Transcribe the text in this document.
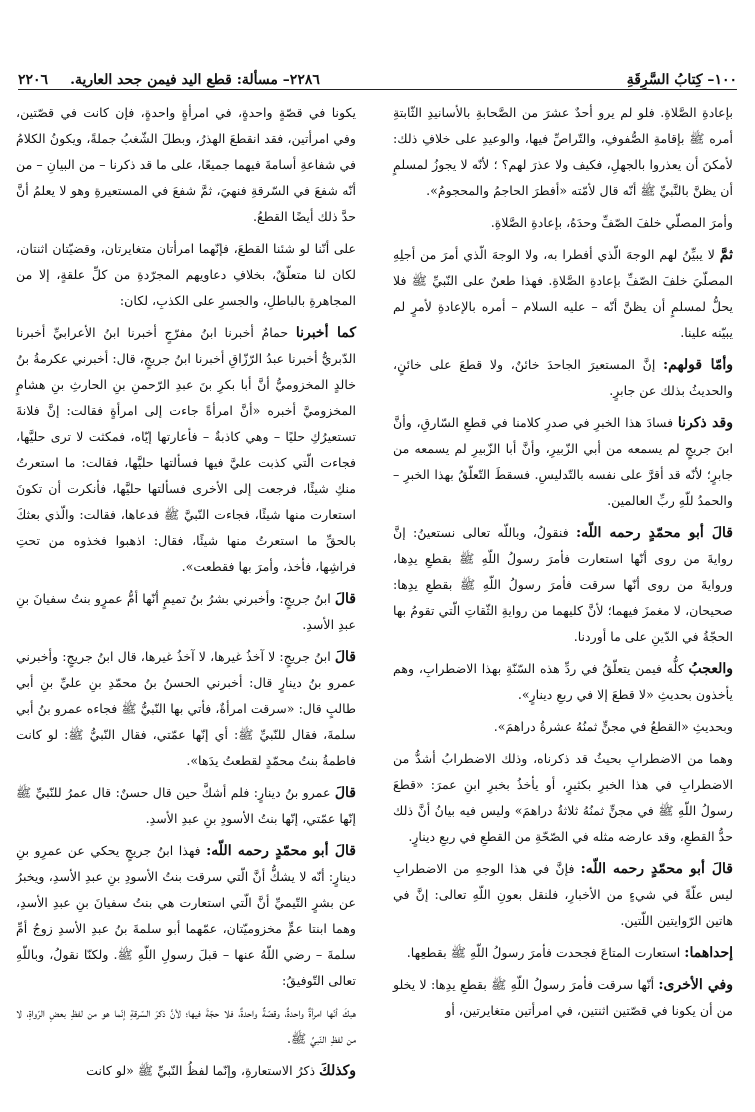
١٠٠– كِتابُ السَّرِقَةِ
٢٢٨٦– مسألة: قطع اليد فيمن جحد العارية.
٢٢٠٦

بإعادةِ الصَّلاةِ. فلو لم يرو أحدٌ عشرَ من الصَّحابةِ بالأسانيدِ الثّابتةِ أمره ﷺ بإقامةِ الصُّفوفِ، والتّراصِّ فيها، والوعيدِ على خلافِ ذلك: لأمكنَ أن يعذروا بالجهلِ، فكيف ولا عذرَ لهم؟ ؛ لأنّه لا يجوزُ لمسلمٍ أن يظنَّ بالنَّبيِّ ﷺ أنّه قال لأمّته «أفطرَ الحاجمُ والمحجومُ».

وأمرَ المصلّي خلفَ الصّفِّ وحدَهُ، بإعادةِ الصَّلاةِ.

ثمَّ لا يبيِّنُ لهم الوجهَ الّذي أفطرا به، ولا الوجهَ الّذي أمرَ من أجلِهِ المصلّيَ خلفَ الصّفِّ بإعادةِ الصَّلاةِ. فهذا طعنٌ على النّبيِّ ﷺ فلا يحلُّ لمسلمٍ أن يظنَّ أنّه – عليه السلام – أمره بالإعادةِ لأمرٍ لم يبيّنه علينا.

وأمّا قولهم: إنَّ المستعيرَ الجاحدَ خائنٌ، ولا قطعَ على خائنٍ، والحديثُ بذلك عن جابرٍ.

وقد ذكرنا فسادَ هذا الخبرِ في صدرِ كلامنا في قطعِ السّارقِ، وأنَّ ابنَ جريجٍ لم يسمعه من أبي الزّبيرِ، وأنَّ أبا الزّبيرِ لم يسمعه من جابرٍ؛ لأنّه قد أقرَّ على نفسه بالتّدليسِ. فسقطَ التّعلّقُ بهذا الخبرِ – والحمدُ للّهِ ربِّ العالمين.

قالَ أبو محمّدٍ رحمه اللّه: فنقولُ، وباللّه تعالى نستعينُ: إنَّ روايةَ من روى أنّها استعارت فأمرَ رسولُ اللّهِ ﷺ بقطعِ يدِها، وروايةَ من روى أنّها سرقت فأمرَ رسولُ اللّهِ ﷺ بقطعِ يدِها: صحيحان، لا مغمزَ فيهما؛ لأنَّ كليهما من روايةِ الثّقاتِ الّتي تقومُ بها الحجّةُ في الدّينِ على ما أوردنا.

والعجبُ كلُّه فيمن يتعلّقُ في ردِّ هذه السّنّةِ بهذا الاضطرابِ، وهم يأخذون بحديثِ «لا قطعَ إلا في ربعِ دينارٍ».

وبحديثِ «القطعُ في مجنٍّ ثمنُهُ عشرةُ دراهمَ».

وهما من الاضطرابِ بحيثُ قد ذكرناه، وذلك الاضطرابُ أشدُّ من الاضطرابِ في هذا الخبرِ بكثيرٍ، أو يأخذُ بخبرِ ابنِ عمرَ: «قطعَ رسولُ اللّهِ ﷺ في مجنٍّ ثمنُهُ ثلاثةُ دراهمَ» وليس فيه بيانُ أنَّ ذلك حدُّ القطعِ، وقد عارضه مثله في الصّحّةِ من القطعِ في ربعِ دينارٍ.

قالَ أبو محمّدٍ رحمه اللّه: فإنَّ في هذا الوجهِ من الاضطرابِ ليس علّةً في شيءٍ من الأخبارِ، فلنقل بعونِ اللّهِ تعالى: إنَّ في هاتين الرّوايتين اللّتين.

إحداهما: استعارت المتاعَ فجحدت فأمرَ رسولُ اللّهِ ﷺ بقطعِها.

وفي الأخرى: أنّها سرقت فأمرَ رسولُ اللّهِ ﷺ بقطعِ يدِها: لا يخلو من أن يكونا في قصّتين اثنتين، في امرأتين متغايرتين، أو

يكونا في قصّةٍ واحدةٍ، في امرأةٍ واحدةٍ، فإن كانت في قصّتين، وفي امرأتين، فقد انقطعَ الهذرُ، وبطلَ الشّغبُ جملةً، ويكونُ الكلامُ في شفاعةِ أسامةَ فيهما جميعًا، على ما قد ذكرنا – من البيانِ – من أنّه شفعَ في السّرقةِ فنهيَ، ثمَّ شفعَ في المستعيرةِ وهو لا يعلمُ أنَّ حدَّ ذلك أيضًا القطعُ.

على أنّنا لو شئنا القطعَ، فإنّهما امرأتان متغايرتان، وقضيّتان اثنتان، لكان لنا متعلّقٌ، بخلافِ دعاويهم المجرّدةِ من كلِّ علقةٍ، إلا من المجاهرةِ بالباطلِ، والجسرِ على الكذبِ، لكان:

كما أخبرنا حمامٌ أخبرنا ابنُ مفرّجٍ أخبرنا ابنُ الأعرابيِّ أخبرنا الدّبريُّ أخبرنا عبدُ الرّزّاقِ أخبرنا ابنُ جريجٍ، قال: أخبرني عكرمةُ بنُ خالدٍ المخزوميُّ أنَّ أبا بكرِ بنَ عبدِ الرّحمنِ بنِ الحارثِ بنِ هشامٍ المخزوميَّ أخبره «أنَّ امرأةً جاءت إلى امرأةٍ فقالت: إنَّ فلانةَ تستعيرُكِ حليًا – وهي كاذبةٌ – فأعارتها إيّاه، فمكثت لا ترى حليَّها، فجاءت الّتي كذبت عليَّ فيها فسألتها حليَّها، فقالت: ما استعرتُ منكِ شيئًا، فرجعت إلى الأخرى فسألتها حليَّها، فأنكرت أن تكونَ استعارت منها شيئًا، فجاءت النّبيَّ ﷺ فدعاها، فقالت: والّذي بعثكَ بالحقِّ ما استعرتُ منها شيئًا، فقال: اذهبوا فخذوه من تحتِ فراشِها، فأخذ، وأمرَ بها فقطعت».

قالَ ابنُ جريجٍ: وأخبرني بشرُ بنُ تميمٍ أنّها أمُّ عمرٍو بنتُ سفيانَ بنِ عبدِ الأسدِ.

قالَ ابنُ جريجٍ: لا آخذُ غيرها، لا آخذُ غيرها، قال ابنُ جريجٍ: وأخبرني عمرو بنُ دينارٍ قال: أخبرني الحسنُ بنُ محمّدِ بنِ عليِّ بنِ أبي طالبٍ قال: «سرقت امرأةٌ، فأتي بها النّبيُّ ﷺ فجاءه عمرو بنُ أبي سلمةَ، فقال للنّبيِّ ﷺ: أي إنّها عمّتي، فقال النّبيُّ ﷺ: لو كانت فاطمةُ بنتُ محمّدٍ لقطعتُ يدَها».

قالَ عمرو بنُ دينارٍ: فلم أشكَّ حين قال حسنٌ: قال عمرُ للنّبيِّ ﷺ إنّها عمّتي، إنّها بنتُ الأسودِ بنِ عبدِ الأسدِ.

قالَ أبو محمّدٍ رحمه اللّه: فهذا ابنُ جريجٍ يحكي عن عمرِو بنِ دينارٍ: أنّه لا يشكُّ أنَّ الّتي سرقت بنتُ الأسودِ بنِ عبدِ الأسدِ، ويخبرُ عن بشرٍ التّيميِّ أنَّ الّتي استعارت هي بنتُ سفيانَ بنِ عبدِ الأسدِ، وهما ابنتا عمٍّ مخزوميّتان، عمّهما أبو سلمةَ بنُ عبدِ الأسدِ زوجُ أمِّ سلمةَ – رضي اللّهُ عنها – قبلَ رسولِ اللّهِ ﷺ. ولكنّا نقولُ، وباللّهِ تعالى التّوفيقُ:

هبكَ أنّها امرأةٌ واحدةٌ، وقصّةٌ واحدةٌ، فلا حجّةَ فيها؛ لأنَّ ذكرَ السّرقةِ إنّما هو من لفظِ بعضِ الرّواةِ، لا من لفظِ النّبيِّ ﷺ.

وكذلكَ ذكرُ الاستعارةِ، وإنّما لفظُ النّبيِّ ﷺ «لو كانت
